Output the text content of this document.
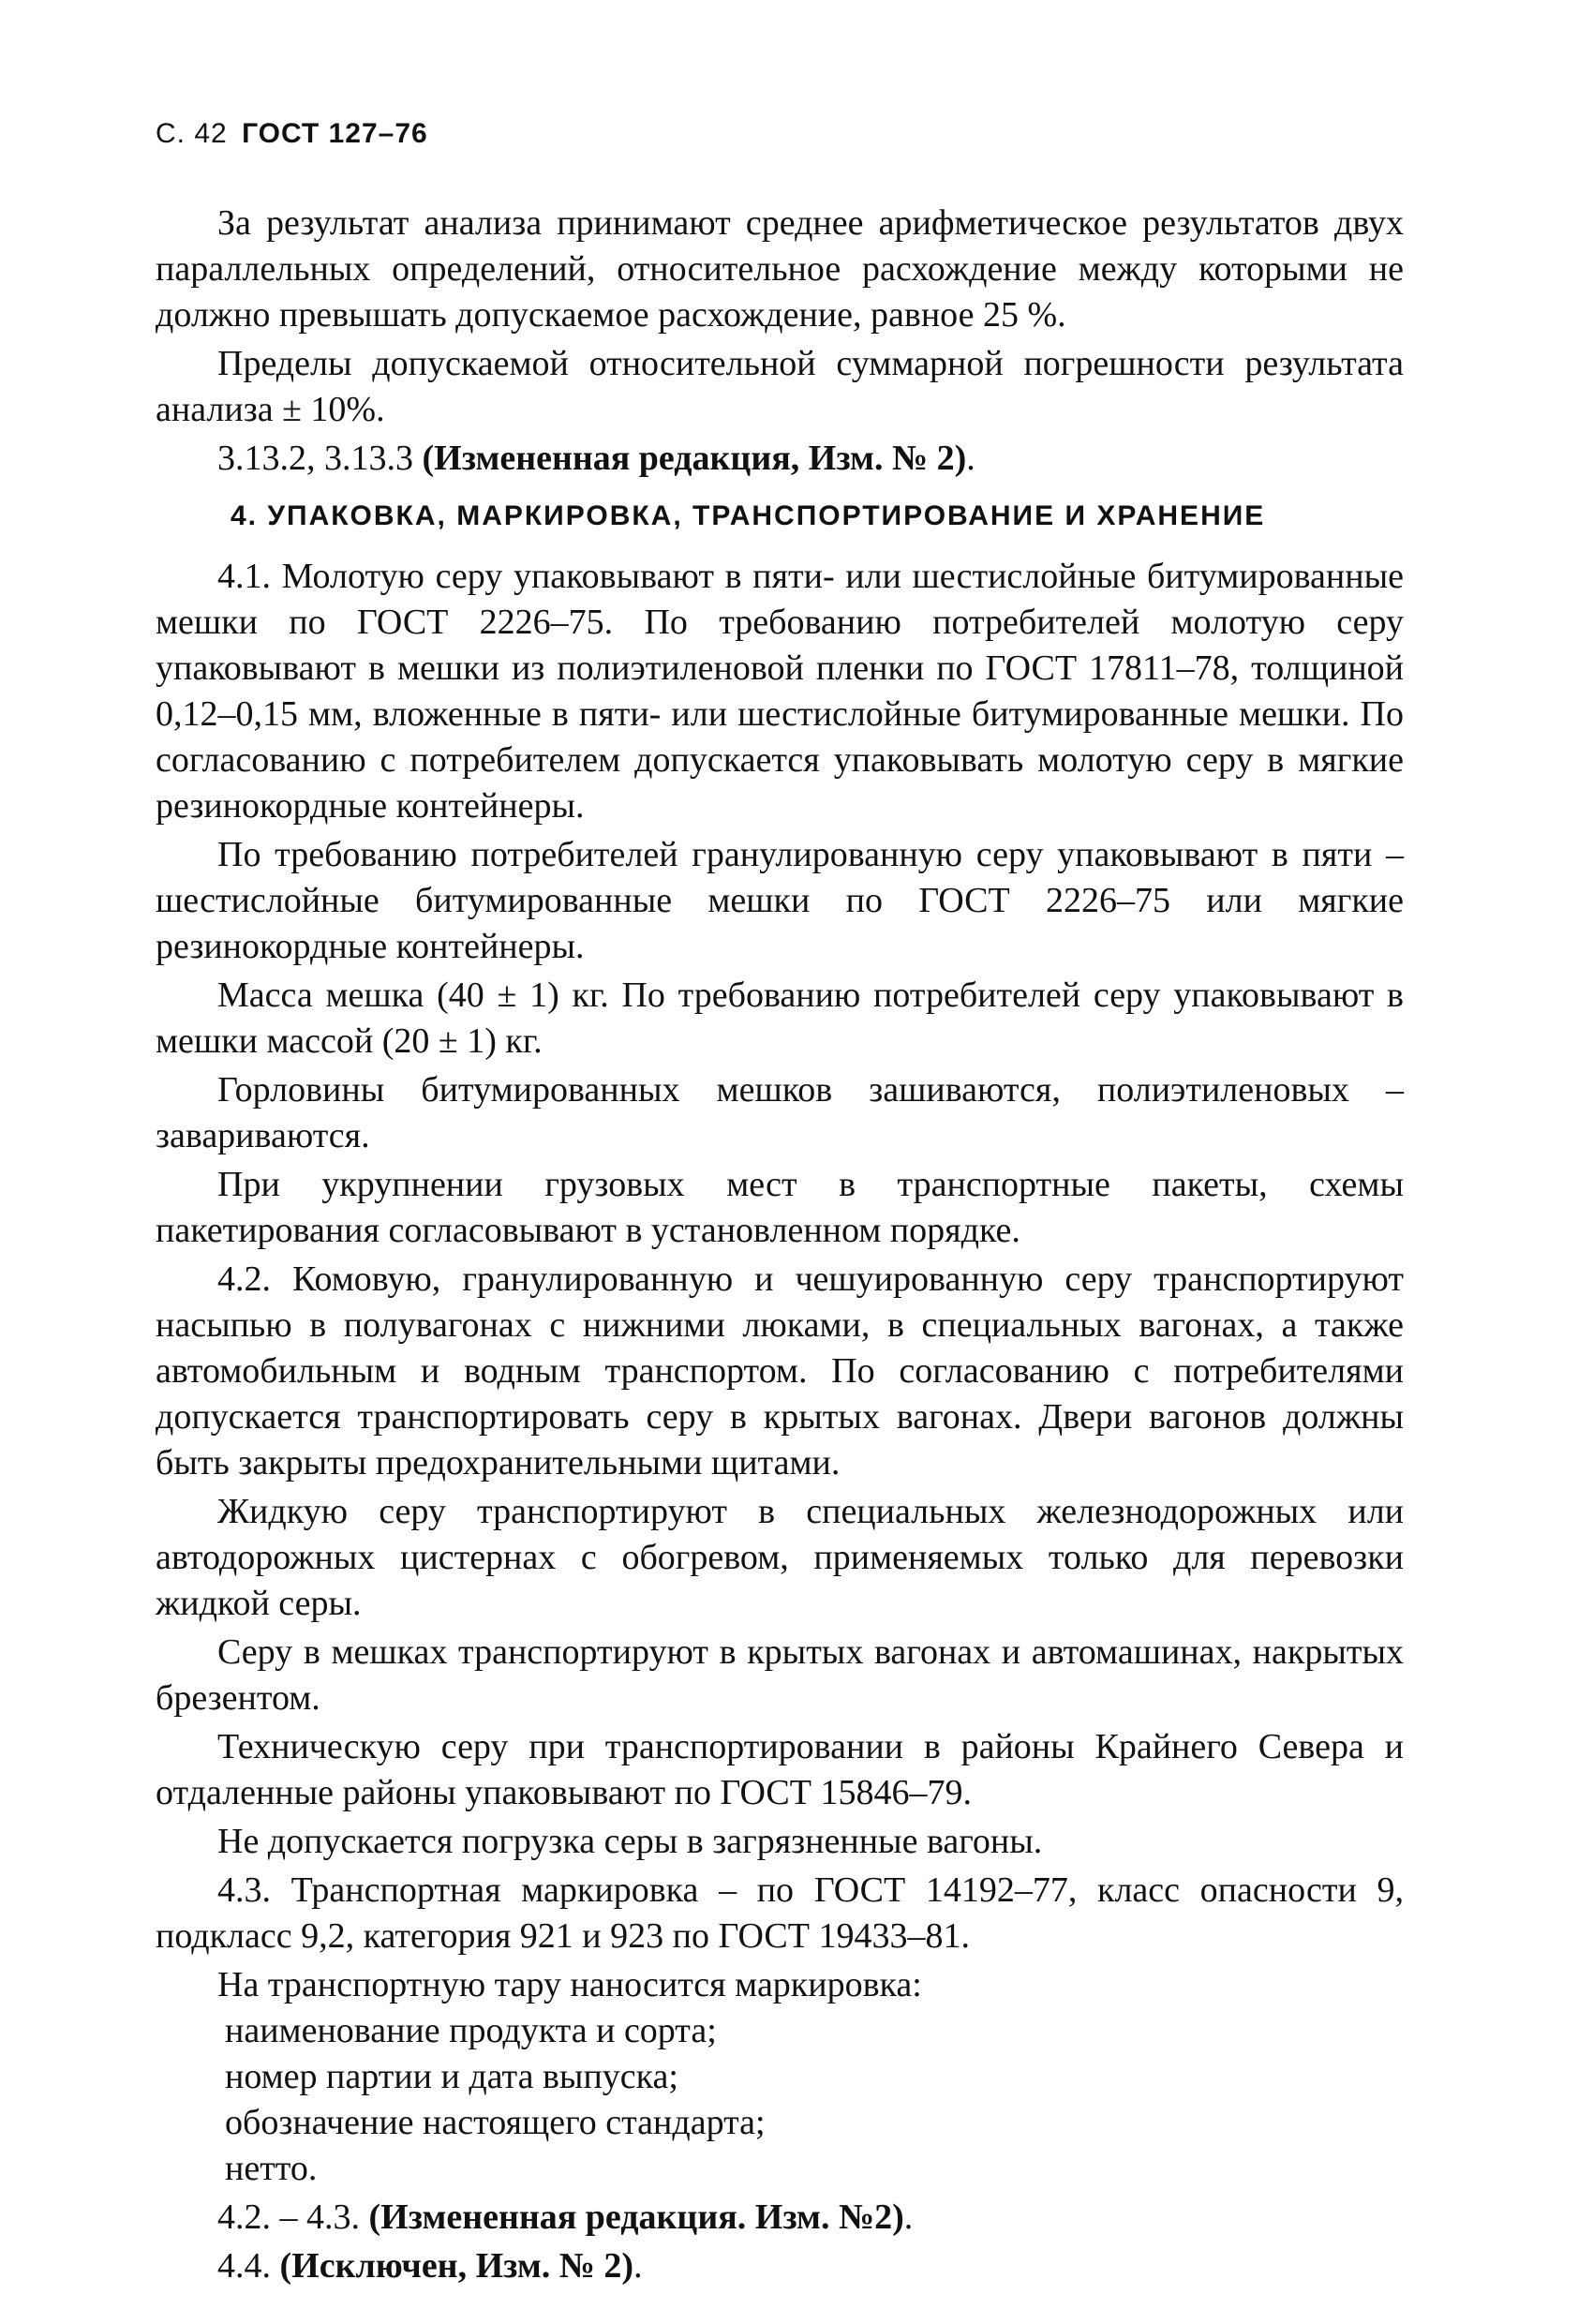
С. 42 ГОСТ 127–76

За результат анализа принимают среднее арифметическое результатов двух параллельных определений, относительное расхождение между которыми не должно превышать допускаемое расхождение, равное 25 %.

Пределы допускаемой относительной суммарной погрешности результата анализа ± 10%.

3.13.2, 3.13.3 (Измененная редакция, Изм. № 2).

4. УПАКОВКА, МАРКИРОВКА, ТРАНСПОРТИРОВАНИЕ И ХРАНЕНИЕ

4.1. Молотую серу упаковывают в пяти- или шестислойные битумированные мешки по ГОСТ 2226–75. По требованию потребителей молотую серу упаковывают в мешки из полиэтиленовой пленки по ГОСТ 17811–78, толщиной 0,12–0,15 мм, вложенные в пяти- или шестислойные битумированные мешки. По согласованию с потребителем допускается упаковывать молотую серу в мягкие резинокордные контейнеры.

По требованию потребителей гранулированную серу упаковывают в пяти – шестислойные битумированные мешки по ГОСТ 2226–75 или мягкие резинокордные контейнеры.

Масса мешка (40 ± 1) кг. По требованию потребителей серу упаковывают в мешки массой (20 ± 1) кг.

Горловины битумированных мешков зашиваются, полиэтиленовых – завариваются.

При укрупнении грузовых мест в транспортные пакеты, схемы пакетирования согласовывают в установленном порядке.

4.2. Комовую, гранулированную и чешуированную серу транспортируют насыпью в полувагонах с нижними люками, в специальных вагонах, а также автомобильным и водным транспортом. По согласованию с потребителями допускается транспортировать серу в крытых вагонах. Двери вагонов должны быть закрыты предохранительными щитами.

Жидкую серу транспортируют в специальных железнодорожных или автодорожных цистернах с обогревом, применяемых только для перевозки жидкой серы.

Серу в мешках транспортируют в крытых вагонах и автомашинах, накрытых брезентом.

Техническую серу при транспортировании в районы Крайнего Севера и отдаленные районы упаковывают по ГОСТ 15846–79.

Не допускается погрузка серы в загрязненные вагоны.

4.3. Транспортная маркировка – по ГОСТ 14192–77, класс опасности 9, подкласс 9,2, категория 921 и 923 по ГОСТ 19433–81.

На транспортную тару наносится маркировка:

наименование продукта и сорта;

номер партии и дата выпуска;

обозначение настоящего стандарта;

нетто.

4.2. – 4.3. (Измененная редакция. Изм. №2).

4.4. (Исключен, Изм. № 2).
